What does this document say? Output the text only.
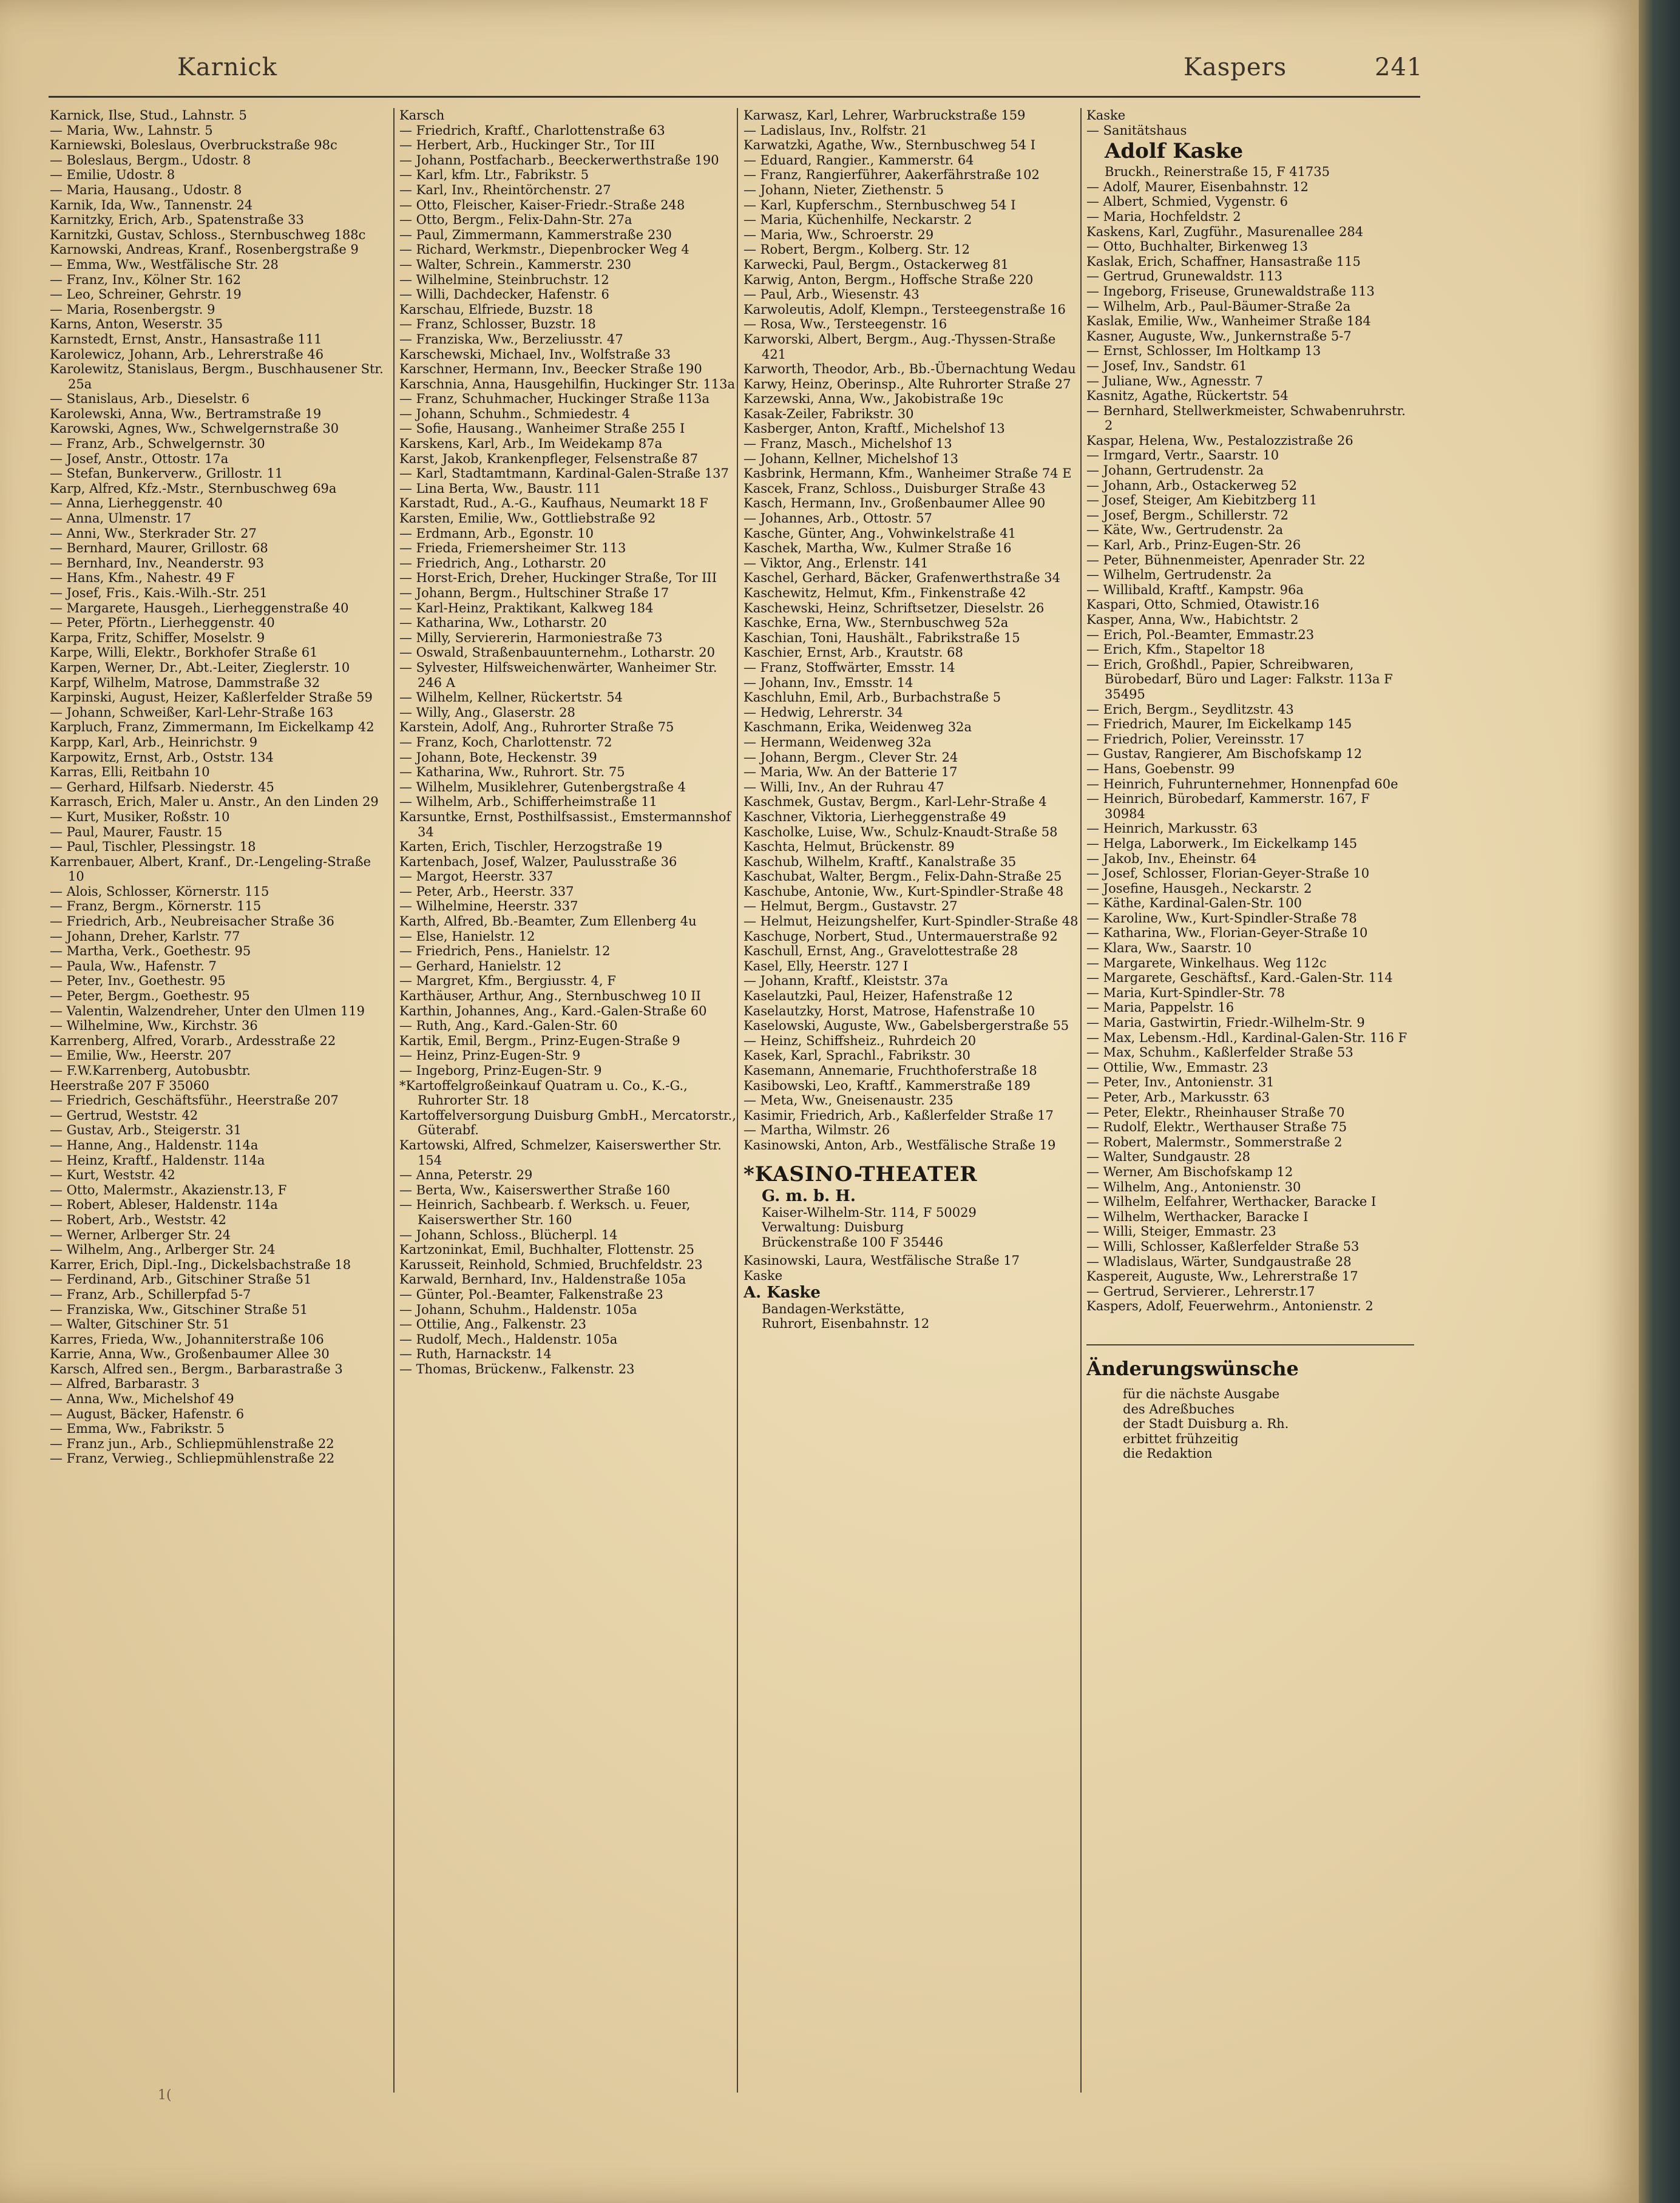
Karnick	Kaspers	241
Karnick, Ilse, Stud., Lahnstr. 5
— Maria, Ww., Lahnstr. 5
Karniewski, Boleslaus, Overbruckstraße 98c
— Boleslaus, Bergm., Udostr. 8
— Emilie, Udostr. 8
— Maria, Hausang., Udostr. 8
Karnik, Ida, Ww., Tannenstr. 24
Karnitzky, Erich, Arb., Spatenstraße 33
Karnitzki, Gustav, Schloss., Sternbuschweg 188c
Karnowski, Andreas, Kranf., Rosenbergstraße 9
— Emma, Ww., Westfälische Str. 28
— Franz, Inv., Kölner Str. 162
— Leo, Schreiner, Gehrstr. 19
— Maria, Rosenbergstr. 9
Karns, Anton, Weserstr. 35
Karnstedt, Ernst, Anstr., Hansastraße 111
Karolewicz, Johann, Arb., Lehrerstraße 46
Karolewitz, Stanislaus, Bergm., Buschhausener Str. 25a
— Stanislaus, Arb., Dieselstr. 6
Karolewski, Anna, Ww., Bertramstraße 19
Karowski, Agnes, Ww., Schwelgernstraße 30
— Franz, Arb., Schwelgernstr. 30
— Josef, Anstr., Ottostr. 17a
— Stefan, Bunkerverw., Grillostr. 11
Karp, Alfred, Kfz.-Mstr., Sternbuschweg 69a
— Anna, Lierheggenstr. 40
— Anna, Ulmenstr. 17
— Anni, Ww., Sterkrader Str. 27
— Bernhard, Maurer, Grillostr. 68
— Bernhard, Inv., Neanderstr. 93
— Hans, Kfm., Nahestr. 49 F
— Josef, Fris., Kais.-Wilh.-Str. 251
— Margarete, Hausgeh., Lierheggenstraße 40
— Peter, Pförtn., Lierheggenstr. 40
Karpa, Fritz, Schiffer, Moselstr. 9
Karpe, Willi, Elektr., Borkhofer Straße 61
Karpen, Werner, Dr., Abt.-Leiter, Zieglerstr. 10
Karpf, Wilhelm, Matrose, Dammstraße 32
Karpinski, August, Heizer, Kaßlerfelder Straße 59
— Johann, Schweißer, Karl-Lehr-Straße 163
Karpluch, Franz, Zimmermann, Im Eickelkamp 42
Karpp, Karl, Arb., Heinrichstr. 9
Karpowitz, Ernst, Arb., Oststr. 134
Karras, Elli, Reitbahn 10
— Gerhard, Hilfsarb. Niederstr. 45
Karrasch, Erich, Maler u. Anstr., An den Linden 29
— Kurt, Musiker, Roßstr. 10
— Paul, Maurer, Faustr. 15
— Paul, Tischler, Plessingstr. 18
Karrenbauer, Albert, Kranf., Dr.-Lengeling-Straße 10
— Alois, Schlosser, Körnerstr. 115
— Franz, Bergm., Körnerstr. 115
— Friedrich, Arb., Neubreisacher Straße 36
— Johann, Dreher, Karlstr. 77
— Martha, Verk., Goethestr. 95
— Paula, Ww., Hafenstr. 7
— Peter, Inv., Goethestr. 95
— Peter, Bergm., Goethestr. 95
— Valentin, Walzendreher, Unter den Ulmen 119
— Wilhelmine, Ww., Kirchstr. 36
Karrenberg, Alfred, Vorarb., Ardesstraße 22
— Emilie, Ww., Heerstr. 207
— F.W.Karrenberg, Autobusbtr.
Heerstraße 207 F 35060
— Friedrich, Geschäftsführ., Heerstraße 207
— Gertrud, Weststr. 42
— Gustav, Arb., Steigerstr. 31
— Hanne, Ang., Haldenstr. 114a
— Heinz, Kraftf., Haldenstr. 114a
— Kurt, Weststr. 42
— Otto, Malermstr., Akazienstr.13, F
— Robert, Ableser, Haldenstr. 114a
— Robert, Arb., Weststr. 42
— Werner, Arlberger Str. 24
— Wilhelm, Ang., Arlberger Str. 24
Karrer, Erich, Dipl.-Ing., Dickelsbachstraße 18
— Ferdinand, Arb., Gitschiner Straße 51
— Franz, Arb., Schillerpfad 5-7
— Franziska, Ww., Gitschiner Straße 51
— Walter, Gitschiner Str. 51
Karres, Frieda, Ww., Johanniterstraße 106
Karrie, Anna, Ww., Großenbaumer Allee 30
Karsch, Alfred sen., Bergm., Barbarastraße 3
— Alfred, Barbarastr. 3
— Anna, Ww., Michelshof 49
— August, Bäcker, Hafenstr. 6
— Emma, Ww., Fabrikstr. 5
— Franz jun., Arb., Schliepmühlenstraße 22
— Franz, Verwieg., Schliepmühlenstraße 22
Karsch
— Friedrich, Kraftf., Charlottenstraße 63
— Herbert, Arb., Huckinger Str., Tor III
— Johann, Postfacharb., Beeckerwerthstraße 190
— Karl, kfm. Ltr., Fabrikstr. 5
— Karl, Inv., Rheintörchenstr. 27
— Otto, Fleischer, Kaiser-Friedr.-Straße 248
— Otto, Bergm., Felix-Dahn-Str. 27a
— Paul, Zimmermann, Kammerstraße 230
— Richard, Werkmstr., Diepenbrocker Weg 4
— Walter, Schrein., Kammerstr. 230
— Wilhelmine, Steinbruchstr. 12
— Willi, Dachdecker, Hafenstr. 6
Karschau, Elfriede, Buzstr. 18
— Franz, Schlosser, Buzstr. 18
— Franziska, Ww., Berzeliusstr. 47
Karschewski, Michael, Inv., Wolfstraße 33
Karschner, Hermann, Inv., Beecker Straße 190
Karschnia, Anna, Hausgehilfin, Huckinger Str. 113a
— Franz, Schuhmacher, Huckinger Straße 113a
— Johann, Schuhm., Schmiedestr. 4
— Sofie, Hausang., Wanheimer Straße 255 I
Karskens, Karl, Arb., Im Weidekamp 87a
Karst, Jakob, Krankenpfleger, Felsenstraße 87
— Karl, Stadtamtmann, Kardinal-Galen-Straße 137
— Lina Berta, Ww., Baustr. 111
Karstadt, Rud., A.-G., Kaufhaus, Neumarkt 18 F
Karsten, Emilie, Ww., Gottliebstraße 92
— Erdmann, Arb., Egonstr. 10
— Frieda, Friemersheimer Str. 113
— Friedrich, Ang., Lotharstr. 20
— Horst-Erich, Dreher, Huckinger Straße, Tor III
— Johann, Bergm., Hultschiner Straße 17
— Karl-Heinz, Praktikant, Kalkweg 184
— Katharina, Ww., Lotharstr. 20
— Milly, Serviererin, Harmoniestraße 73
— Oswald, Straßenbauunternehm., Lotharstr. 20
— Sylvester, Hilfsweichenwärter, Wanheimer Str. 246 A
— Wilhelm, Kellner, Rückertstr. 54
— Willy, Ang., Glaserstr. 28
Karstein, Adolf, Ang., Ruhrorter Straße 75
— Franz, Koch, Charlottenstr. 72
— Johann, Bote, Heckenstr. 39
— Katharina, Ww., Ruhrort. Str. 75
— Wilhelm, Musiklehrer, Gutenbergstraße 4
— Wilhelm, Arb., Schifferheimstraße 11
Karsuntke, Ernst, Posthilfsassist., Emstermannshof 34
Karten, Erich, Tischler, Herzogstraße 19
Kartenbach, Josef, Walzer, Paulusstraße 36
— Margot, Heerstr. 337
— Peter, Arb., Heerstr. 337
— Wilhelmine, Heerstr. 337
Karth, Alfred, Bb.-Beamter, Zum Ellenberg 4u
— Else, Hanielstr. 12
— Friedrich, Pens., Hanielstr. 12
— Gerhard, Hanielstr. 12
— Margret, Kfm., Bergiusstr. 4, F
Karthäuser, Arthur, Ang., Sternbuschweg 10 II
Karthin, Johannes, Ang., Kard.-Galen-Straße 60
— Ruth, Ang., Kard.-Galen-Str. 60
Kartik, Emil, Bergm., Prinz-Eugen-Straße 9
— Heinz, Prinz-Eugen-Str. 9
— Ingeborg, Prinz-Eugen-Str. 9
*Kartoffelgroßeinkauf Quatram u. Co., K.-G., Ruhrorter Str. 18
Kartoffelversorgung Duisburg GmbH., Mercatorstr., Güterabf.
Kartowski, Alfred, Schmelzer, Kaiserswerther Str. 154
— Anna, Peterstr. 29
— Berta, Ww., Kaiserswerther Straße 160
— Heinrich, Sachbearb. f. Werksch. u. Feuer, Kaiserswerther Str. 160
— Johann, Schloss., Blücherpl. 14
Kartzoninkat, Emil, Buchhalter, Flottenstr. 25
Karusseit, Reinhold, Schmied, Bruchfeldstr. 23
Karwald, Bernhard, Inv., Haldenstraße 105a
— Günter, Pol.-Beamter, Falkenstraße 23
— Johann, Schuhm., Haldenstr. 105a
— Ottilie, Ang., Falkenstr. 23
— Rudolf, Mech., Haldenstr. 105a
— Ruth, Harnackstr. 14
— Thomas, Brückenw., Falkenstr. 23
Karwasz, Karl, Lehrer, Warbruckstraße 159
— Ladislaus, Inv., Rolfstr. 21
Karwatzki, Agathe, Ww., Sternbuschweg 54 I
— Eduard, Rangier., Kammerstr. 64
— Franz, Rangierführer, Aakerfährstraße 102
— Johann, Nieter, Ziethenstr. 5
— Karl, Kupferschm., Sternbuschweg 54 I
— Maria, Küchenhilfe, Neckarstr. 2
— Maria, Ww., Schroerstr. 29
— Robert, Bergm., Kolberg. Str. 12
Karwecki, Paul, Bergm., Ostackerweg 81
Karwig, Anton, Bergm., Hoffsche Straße 220
— Paul, Arb., Wiesenstr. 43
Karwoleutis, Adolf, Klempn., Tersteegenstraße 16
— Rosa, Ww., Tersteegenstr. 16
Karworski, Albert, Bergm., Aug.-Thyssen-Straße 421
Karworth, Theodor, Arb., Bb.-Übernachtung Wedau
Karwy, Heinz, Oberinsp., Alte Ruhrorter Straße 27
Karzewski, Anna, Ww., Jakobistraße 19c
Kasak-Zeiler, Fabrikstr. 30
Kasberger, Anton, Kraftf., Michelshof 13
— Franz, Masch., Michelshof 13
— Johann, Kellner, Michelshof 13
Kasbrink, Hermann, Kfm., Wanheimer Straße 74 E
Kascek, Franz, Schloss., Duisburger Straße 43
Kasch, Hermann, Inv., Großenbaumer Allee 90
— Johannes, Arb., Ottostr. 57
Kasche, Günter, Ang., Vohwinkelstraße 41
Kaschek, Martha, Ww., Kulmer Straße 16
— Viktor, Ang., Erlenstr. 141
Kaschel, Gerhard, Bäcker, Grafenwerthstraße 34
Kaschewitz, Helmut, Kfm., Finkenstraße 42
Kaschewski, Heinz, Schriftsetzer, Dieselstr. 26
Kaschke, Erna, Ww., Sternbuschweg 52a
Kaschian, Toni, Haushält., Fabrikstraße 15
Kaschier, Ernst, Arb., Krautstr. 68
— Franz, Stoffwärter, Emsstr. 14
— Johann, Inv., Emsstr. 14
Kaschluhn, Emil, Arb., Burbachstraße 5
— Hedwig, Lehrerstr. 34
Kaschmann, Erika, Weidenweg 32a
— Hermann, Weidenweg 32a
— Johann, Bergm., Clever Str. 24
— Maria, Ww. An der Batterie 17
— Willi, Inv., An der Ruhrau 47
Kaschmek, Gustav, Bergm., Karl-Lehr-Straße 4
Kaschner, Viktoria, Lierheggenstraße 49
Kascholke, Luise, Ww., Schulz-Knaudt-Straße 58
Kaschta, Helmut, Brückenstr. 89
Kaschub, Wilhelm, Kraftf., Kanalstraße 35
Kaschubat, Walter, Bergm., Felix-Dahn-Straße 25
Kaschube, Antonie, Ww., Kurt-Spindler-Straße 48
— Helmut, Bergm., Gustavstr. 27
— Helmut, Heizungshelfer, Kurt-Spindler-Straße 48
Kaschuge, Norbert, Stud., Untermauerstraße 92
Kaschull, Ernst, Ang., Gravelottestraße 28
Kasel, Elly, Heerstr. 127 I
— Johann, Kraftf., Kleiststr. 37a
Kaselautzki, Paul, Heizer, Hafenstraße 12
Kaselautzky, Horst, Matrose, Hafenstraße 10
Kaselowski, Auguste, Ww., Gabelsbergerstraße 55
— Heinz, Schiffsheiz., Ruhrdeich 20
Kasek, Karl, Sprachl., Fabrikstr. 30
Kasemann, Annemarie, Fruchthoferstraße 18
Kasibowski, Leo, Kraftf., Kammerstraße 189
— Meta, Ww., Gneisenaustr. 235
Kasimir, Friedrich, Arb., Kaßlerfelder Straße 17
— Martha, Wilmstr. 26
Kasinowski, Anton, Arb., Westfälische Straße 19
*KASINO-THEATER
G. m. b. H.
Kaiser-Wilhelm-Str. 114, F 50029
Verwaltung: Duisburg
Brückenstraße 100 F 35446
Kasinowski, Laura, Westfälische Straße 17
Kaske
A. Kaske
Bandagen-Werkstätte,
Ruhrort, Eisenbahnstr. 12
Kaske
— Sanitätshaus
Adolf Kaske
Bruckh., Reinerstraße 15, F 41735
— Adolf, Maurer, Eisenbahnstr. 12
— Albert, Schmied, Vygenstr. 6
— Maria, Hochfeldstr. 2
Kaskens, Karl, Zugführ., Masurenallee 284
— Otto, Buchhalter, Birkenweg 13
Kaslak, Erich, Schaffner, Hansastraße 115
— Gertrud, Grunewaldstr. 113
— Ingeborg, Friseuse, Grunewaldstraße 113
— Wilhelm, Arb., Paul-Bäumer-Straße 2a
Kaslak, Emilie, Ww., Wanheimer Straße 184
Kasner, Auguste, Ww., Junkernstraße 5-7
— Ernst, Schlosser, Im Holtkamp 13
— Josef, Inv., Sandstr. 61
— Juliane, Ww., Agnesstr. 7
Kasnitz, Agathe, Rückertstr. 54
— Bernhard, Stellwerkmeister, Schwabenruhrstr. 2
Kaspar, Helena, Ww., Pestalozzistraße 26
— Irmgard, Vertr., Saarstr. 10
— Johann, Gertrudenstr. 2a
— Johann, Arb., Ostackerweg 52
— Josef, Steiger, Am Kiebitzberg 11
— Josef, Bergm., Schillerstr. 72
— Käte, Ww., Gertrudenstr. 2a
— Karl, Arb., Prinz-Eugen-Str. 26
— Peter, Bühnenmeister, Apenrader Str. 22
— Wilhelm, Gertrudenstr. 2a
— Willibald, Kraftf., Kampstr. 96a
Kaspari, Otto, Schmied, Otawistr.16
Kasper, Anna, Ww., Habichtstr. 2
— Erich, Pol.-Beamter, Emmastr.23
— Erich, Kfm., Stapeltor 18
— Erich, Großhdl., Papier, Schreibwaren, Bürobedarf, Büro und Lager: Falkstr. 113a F 35495
— Erich, Bergm., Seydlitzstr. 43
— Friedrich, Maurer, Im Eickelkamp 145
— Friedrich, Polier, Vereinsstr. 17
— Gustav, Rangierer, Am Bischofskamp 12
— Hans, Goebenstr. 99
— Heinrich, Fuhrunternehmer, Honnenpfad 60e
— Heinrich, Bürobedarf, Kammerstr. 167, F 30984
— Heinrich, Markusstr. 63
— Helga, Laborwerk., Im Eickelkamp 145
— Jakob, Inv., Eheinstr. 64
— Josef, Schlosser, Florian-Geyer-Straße 10
— Josefine, Hausgeh., Neckarstr. 2
— Käthe, Kardinal-Galen-Str. 100
— Karoline, Ww., Kurt-Spindler-Straße 78
— Katharina, Ww., Florian-Geyer-Straße 10
— Klara, Ww., Saarstr. 10
— Margarete, Winkelhaus. Weg 112c
— Margarete, Geschäftsf., Kard.-Galen-Str. 114
— Maria, Kurt-Spindler-Str. 78
— Maria, Pappelstr. 16
— Maria, Gastwirtin, Friedr.-Wilhelm-Str. 9
— Max, Lebensm.-Hdl., Kardinal-Galen-Str. 116 F
— Max, Schuhm., Kaßlerfelder Straße 53
— Ottilie, Ww., Emmastr. 23
— Peter, Inv., Antonienstr. 31
— Peter, Arb., Markusstr. 63
— Peter, Elektr., Rheinhauser Straße 70
— Rudolf, Elektr., Werthauser Straße 75
— Robert, Malermstr., Sommerstraße 2
— Walter, Sundgaustr. 28
— Werner, Am Bischofskamp 12
— Wilhelm, Ang., Antonienstr. 30
— Wilhelm, Eelfahrer, Werthacker, Baracke I
— Wilhelm, Werthacker, Baracke I
— Willi, Steiger, Emmastr. 23
— Willi, Schlosser, Kaßlerfelder Straße 53
— Wladislaus, Wärter, Sundgaustraße 28
Kaspereit, Auguste, Ww., Lehrerstraße 17
— Gertrud, Servierer., Lehrerstr.17
Kaspers, Adolf, Feuerwehrm., Antonienstr. 2
Änderungswünsche
für die nächste Ausgabe
des Adreßbuches
der Stadt Duisburg a. Rh.
erbittet frühzeitig
die Redaktion
1(
